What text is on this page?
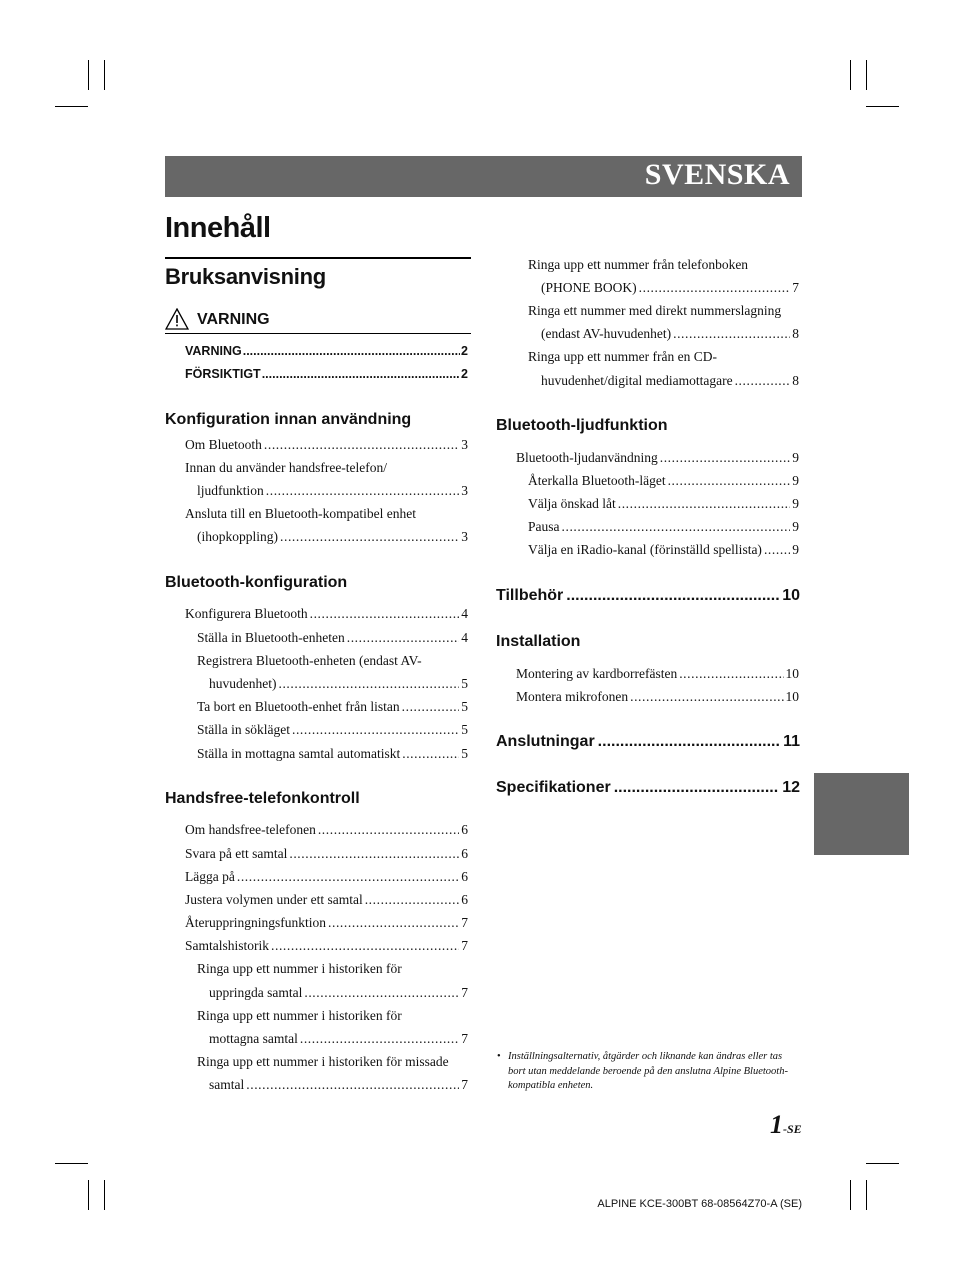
SVENSKA
Innehåll
Bruksanvisning
VARNING
VARNING .....	2
FÖRSIKTIGT .....	2
Konfiguration innan användning
Om Bluetooth .....	3
Innan du använder handsfree-telefon/
ljudfunktion .....	3
Ansluta till en Bluetooth-kompatibel enhet
(ihopkoppling) .....	3
Bluetooth-konfiguration
Konfigurera Bluetooth .....	4
Ställa in Bluetooth-enheten .....	4
Registrera Bluetooth-enheten (endast AV-
huvudenhet) .....	5
Ta bort en Bluetooth-enhet från listan .....	5
Ställa in sökläget .....	5
Ställa in mottagna samtal automatiskt .....	5
Handsfree-telefonkontroll
Om handsfree-telefonen .....	6
Svara på ett samtal .....	6
Lägga på .....	6
Justera volymen under ett samtal .....	6
Återuppringningsfunktion .....	7
Samtalshistorik .....	7
Ringa upp ett nummer i historiken för
uppringda samtal .....	7
Ringa upp ett nummer i historiken för
mottagna samtal .....	7
Ringa upp ett nummer i historiken för missade
samtal .....	7
Ringa upp ett nummer från telefonboken
(PHONE BOOK) .....	7
Ringa ett nummer med direkt nummerslagning
(endast AV-huvudenhet) .....	8
Ringa upp ett nummer från en CD-
huvudenhet/digital mediamottagare .....	8
Bluetooth-ljudfunktion
Bluetooth-ljudanvändning .....	9
Återkalla Bluetooth-läget .....	9
Välja önskad låt .....	9
Pausa .....	9
Välja en iRadio-kanal (förinställd spellista) ..... 9
Tillbehör .....	10
Installation
Montering av kardborrefästen .....	10
Montera mikrofonen .....	10
Anslutningar .....	11
Specifikationer .....	12
• Inställningsalternativ, åtgärder och liknande kan ändras eller tas bort utan meddelande beroende på den anslutna Alpine Bluetooth-kompatibla enheten.
1-SE
ALPINE KCE-300BT 68-08564Z70-A (SE)
